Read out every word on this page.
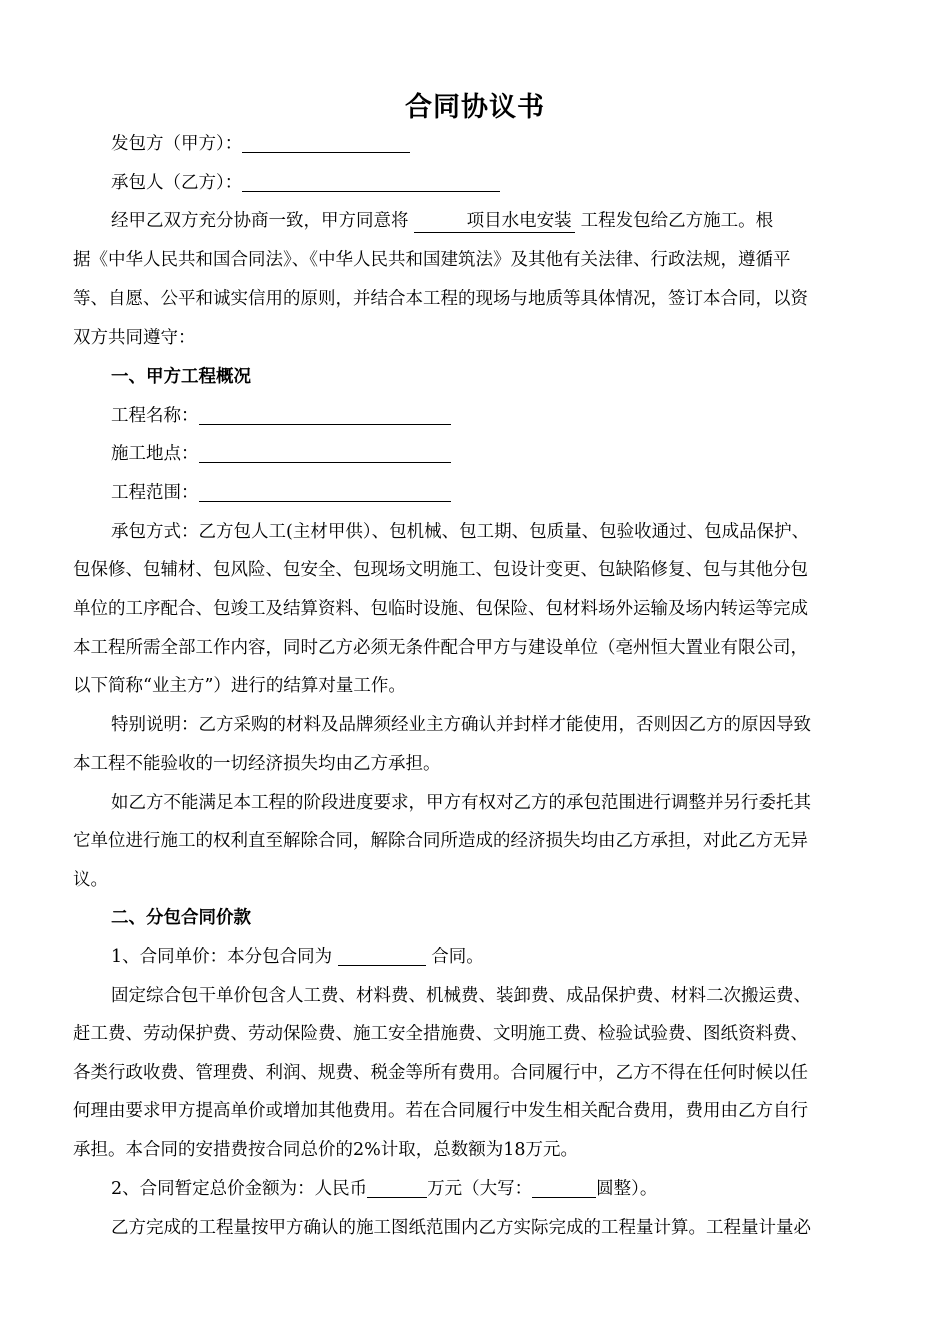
合同协议书
发包方（甲方）：
承包人（乙方）：
经甲乙双方充分协商一致，甲方同意将    	项目水电安装  工程发包给乙方施工。根
据《中华人民共和国合同法》、《中华人民共和国建筑法》及其他有关法律、行政法规，遵循平
等、自愿、公平和诚实信用的原则，并结合本工程的现场与地质等具体情况，签订本合同，以资
双方共同遵守：
一、甲方工程概况
工程名称：
施工地点：
工程范围：
承包方式：乙方包人工(主材甲供）、包机械、包工期、包质量、包验收通过、包成品保护、
包保修、包辅材、包风险、包安全、包现场文明施工、包设计变更、包缺陷修复、包与其他分包
单位的工序配合、包竣工及结算资料、包临时设施、包保险、包材料场外运输及场内转运等完成
本工程所需全部工作内容，同时乙方必须无条件配合甲方与建设单位（亳州恒大置业有限公司，
以下简称“业主方”）进行的结算对量工作。
特别说明：乙方采购的材料及品牌须经业主方确认并封样才能使用，否则因乙方的原因导致
本工程不能验收的一切经济损失均由乙方承担。
如乙方不能满足本工程的阶段进度要求，甲方有权对乙方的承包范围进行调整并另行委托其
它单位进行施工的权利直至解除合同，解除合同所造成的经济损失均由乙方承担，对此乙方无异
议。
二、分包合同价款
1、合同单价：本分包合同为	合同。
固定综合包干单价包含人工费、材料费、机械费、装卸费、成品保护费、材料二次搬运费、
赶工费、劳动保护费、劳动保险费、施工安全措施费、文明施工费、检验试验费、图纸资料费、
各类行政收费、管理费、利润、规费、税金等所有费用。合同履行中，乙方不得在任何时候以任
何理由要求甲方提高单价或增加其他费用。若在合同履行中发生相关配合费用，费用由乙方自行
承担。本合同的安措费按合同总价的2%计取，总数额为18万元。
2、合同暂定总价金额为：人民币	万元（大写：	圆整）。
乙方完成的工程量按甲方确认的施工图纸范围内乙方实际完成的工程量计算。工程量计量必
